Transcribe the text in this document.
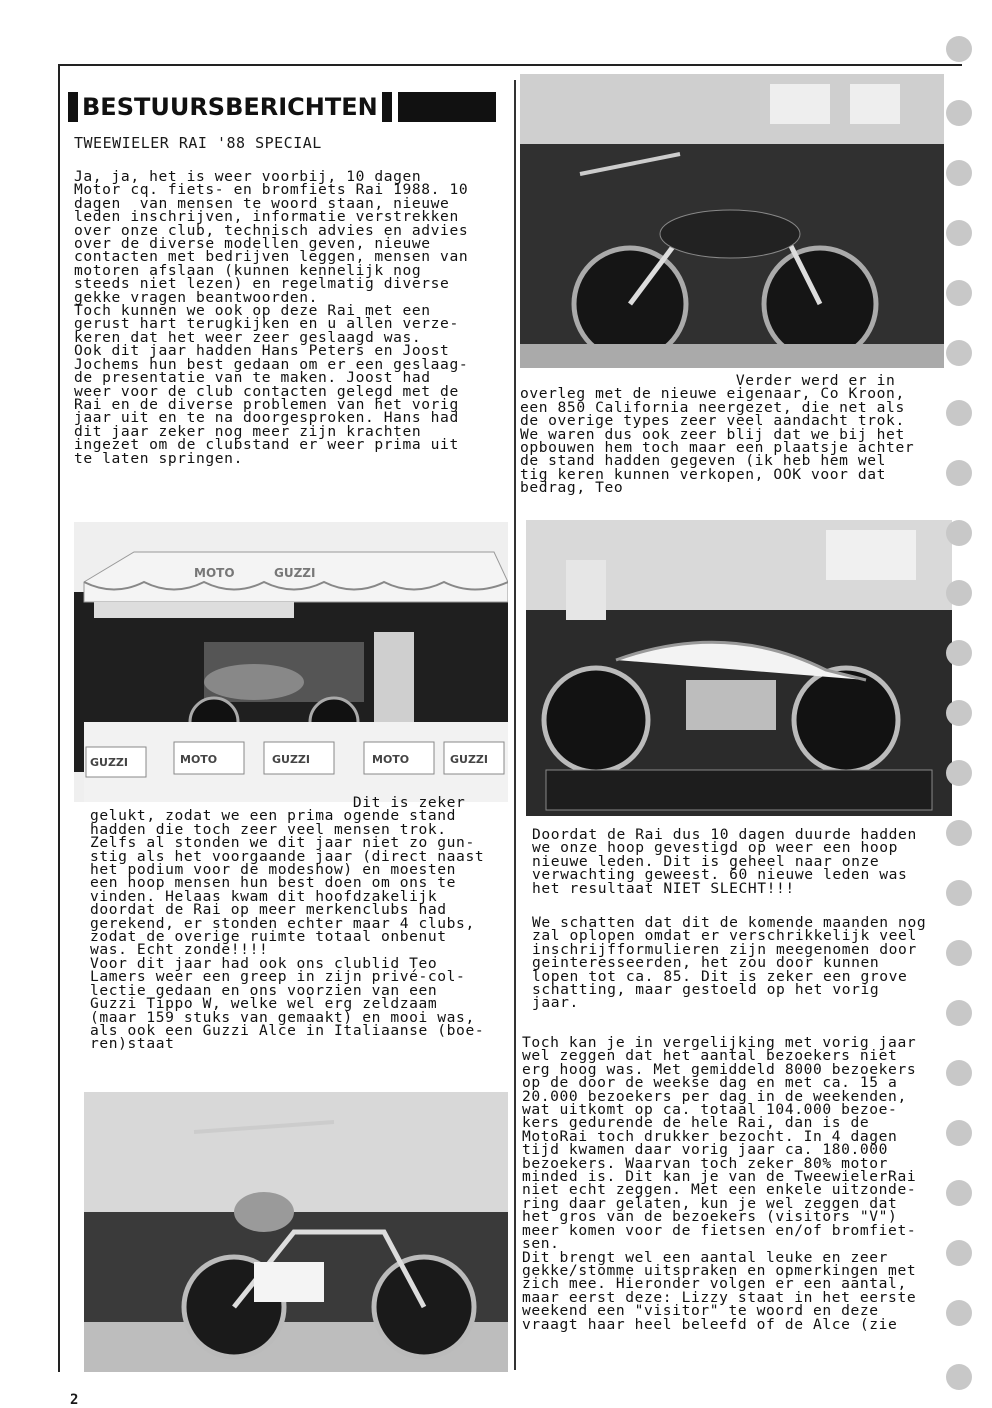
BESTUURSBERICHTEN
TWEEWIELER RAI '88 SPECIAL
Ja, ja, het is weer voorbij, 10 dagen
Motor cq. fiets- en bromfiets Rai 1988. 10
dagen  van mensen te woord staan, nieuwe
leden inschrijven, informatie verstrekken
over onze club, technisch advies en advies
over de diverse modellen geven, nieuwe
contacten met bedrijven leggen, mensen van
motoren afslaan (kunnen kennelijk nog
steeds niet lezen) en regelmatig diverse
gekke vragen beantwoorden.
Toch kunnen we ook op deze Rai met een
gerust hart terugkijken en u allen verze-
keren dat het weer zeer geslaagd was.
Ook dit jaar hadden Hans Peters en Joost
Jochems hun best gedaan om er een geslaag-
de presentatie van te maken. Joost had
weer voor de club contacten gelegd met de
Rai en de diverse problemen van het vorig
jaar uit en te na doorgesproken. Hans had
dit jaar zeker nog meer zijn krachten
ingezet om de clubstand er weer prima uit
te laten springen.
GUZZI	MOTO	GUZZI	MOTO	GUZZI
MOTO	GUZZI
Dit is zeker
gelukt, zodat we een prima ogende stand
hadden die toch zeer veel mensen trok.
Zelfs al stonden we dit jaar niet zo gun-
stig als het voorgaande jaar (direct naast
het podium voor de modeshow) en moesten
een hoop mensen hun best doen om ons te
vinden. Helaas kwam dit hoofdzakelijk
doordat de Rai op meer merkenclubs had
gerekend, er stonden echter maar 4 clubs,
zodat de overige ruimte totaal onbenut
was. Echt zonde!!!!
Voor dit jaar had ook ons clublid Teo
Lamers weer een greep in zijn privé-col-
lectie gedaan en ons voorzien van een
Guzzi Tippo W, welke wel erg zeldzaam
(maar 159 stuks van gemaakt) en mooi was,
als ook een Guzzi Alce in Italiaanse (boe-
ren)staat
Verder werd er in
overleg met de nieuwe eigenaar, Co Kroon,
een 850 California neergezet, die net als
de overige types zeer veel aandacht trok.
We waren dus ook zeer blij dat we bij het
opbouwen hem toch maar een plaatsje achter
de stand hadden gegeven (ik heb hem wel
tig keren kunnen verkopen, OOK voor dat
bedrag, Teo
Doordat de Rai dus 10 dagen duurde hadden
we onze hoop gevestigd op weer een hoop
nieuwe leden. Dit is geheel naar onze
verwachting geweest. 60 nieuwe leden was
het resultaat NIET SLECHT!!!
We schatten dat dit de komende maanden nog
zal oplopen omdat er verschrikkelijk veel
inschrijfformulieren zijn meegenomen door
geinteresseerden, het zou door kunnen
lopen tot ca. 85. Dit is zeker een grove
schatting, maar gestoeld op het vorig
jaar.
Toch kan je in vergelijking met vorig jaar
wel zeggen dat het aantal bezoekers niet
erg hoog was. Met gemiddeld 8000 bezoekers
op de door de weekse dag en met ca. 15 a
20.000 bezoekers per dag in de weekenden,
wat uitkomt op ca. totaal 104.000 bezoe-
kers gedurende de hele Rai, dan is de
MotoRai toch drukker bezocht. In 4 dagen
tijd kwamen daar vorig jaar ca. 180.000
bezoekers. Waarvan toch zeker 80% motor
minded is. Dit kan je van de TweewielerRai
niet echt zeggen. Met een enkele uitzonde-
ring daar gelaten, kun je wel zeggen dat
het gros van de bezoekers (visitors "V")
meer komen voor de fietsen en/of bromfiet-
sen.
Dit brengt wel een aantal leuke en zeer
gekke/stomme uitspraken en opmerkingen met
zich mee. Hieronder volgen er een aantal,
maar eerst deze: Lizzy staat in het eerste
weekend een "visitor" te woord en deze
vraagt haar heel beleefd of de Alce (zie
2
